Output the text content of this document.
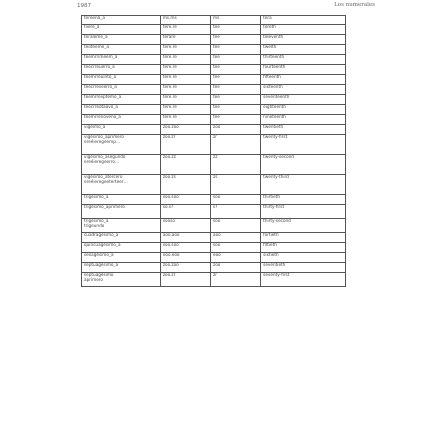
1987	Los numerales
tereená_a	ms.ms	ms	tera
tiiere_a	tere.re	tee	tereth
teraleme_a	terare	tee	televenth
teotéeme_a	tere.re	tee	twelth
teemrrimeem_a	tere.re	tee	thirteenth
teecrreuerro_a	tere.re	tee	fourteenth
teemrreuinto_a	tere.re	tee	fifteenth
teecrreseerro_a	tere.re	tee	sixteenth
teemrreiiptemo_a	tere.re	tee	seventeenth
teecrreotaavo_a	tere.re	tee	eighteenth
teemrrenoveno_a	tere.re	tee	nineteenth
vigéimo_a	zoo.zoo	zoo	twentieth
vigésimo_aprimero
ereéieregeemp…	zoo.zr	zr	twenty-first
vigésimo_asegundo
ereéieregeerro…	zoo.zz	zz	twenty-second
vigésimo_atercero
ereéieregeeterteer…	zoo.zs	zs	twenty-third
trigésimo_a	soo.soo	soo	thirtieth
trigésimo_aprimero	so.s?	s?	thirty-first
trigésimo_a
trigeundo	sooso	soo	thirty-second
cuadragésimo_a	aoo.aoo	aoo	fortieth
quincuagésimo_a	soo.soo	soo	fiftieth
sexagésimo_a	eoo.eoo	eoo	sixtieth
septuagésimo_a	zoo.zoo	zoo	seventieth
septuagésimo
aprimero	zoo.zr	zr	seventy-first
